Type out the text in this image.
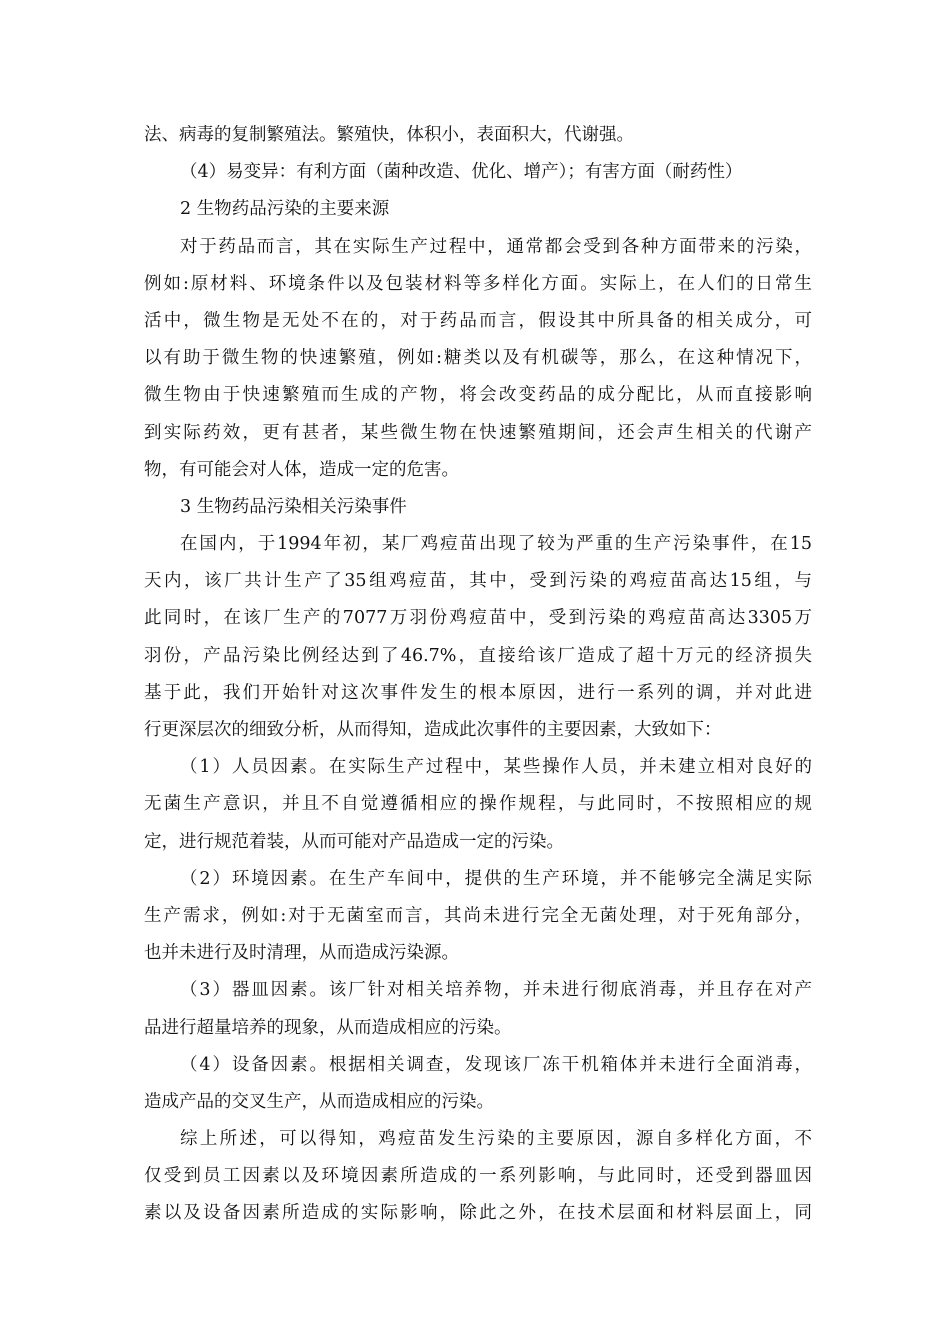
法、病毒的复制繁殖法。繁殖快，体积小，表面积大，代谢强。
（4）易变异：有利方面（菌种改造、优化、增产）；有害方面（耐药性）
2 生物药品污染的主要来源
对于药品而言，其在实际生产过程中，通常都会受到各种方面带来的污染，
例如:原材料、环境条件以及包装材料等多样化方面。实际上，在人们的日常生
活中，微生物是无处不在的，对于药品而言，假设其中所具备的相关成分，可
以有助于微生物的快速繁殖，例如:糖类以及有机碳等，那么，在这种情况下，
微生物由于快速繁殖而生成的产物，将会改变药品的成分配比，从而直接影响
到实际药效，更有甚者，某些微生物在快速繁殖期间，还会声生相关的代谢产
物，有可能会对人体，造成一定的危害。
3 生物药品污染相关污染事件
在国内，于1994年初，某厂鸡痘苗出现了较为严重的生产污染事件，在15
天内，该厂共计生产了35组鸡痘苗，其中，受到污染的鸡痘苗高达15组，与
此同时，在该厂生产的7077万羽份鸡痘苗中，受到污染的鸡痘苗高达3305万
羽份，产品污染比例经达到了46.7%，直接给该厂造成了超十万元的经济损失
基于此，我们开始针对这次事件发生的根本原因，进行一系列的调，并对此进
行更深层次的细致分析，从而得知，造成此次事件的主要因素，大致如下：
（1）人员因素。在实际生产过程中，某些操作人员，并未建立相对良好的
无菌生产意识，并且不自觉遵循相应的操作规程，与此同时，不按照相应的规
定，进行规范着装，从而可能对产品造成一定的污染。
（2）环境因素。在生产车间中，提供的生产环境，并不能够完全满足实际
生产需求，例如:对于无菌室而言，其尚未进行完全无菌处理，对于死角部分，
也并未进行及时清理，从而造成污染源。
（3）器皿因素。该厂针对相关培养物，并未进行彻底消毒，并且存在对产
品进行超量培养的现象，从而造成相应的污染。
（4）设备因素。根据相关调查，发现该厂冻干机箱体并未进行全面消毒，
造成产品的交叉生产，从而造成相应的污染。
综上所述，可以得知，鸡痘苗发生污染的主要原因，源自多样化方面，不
仅受到员工因素以及环境因素所造成的一系列影响，与此同时，还受到器皿因
素以及设备因素所造成的实际影响，除此之外，在技术层面和材料层面上，同
